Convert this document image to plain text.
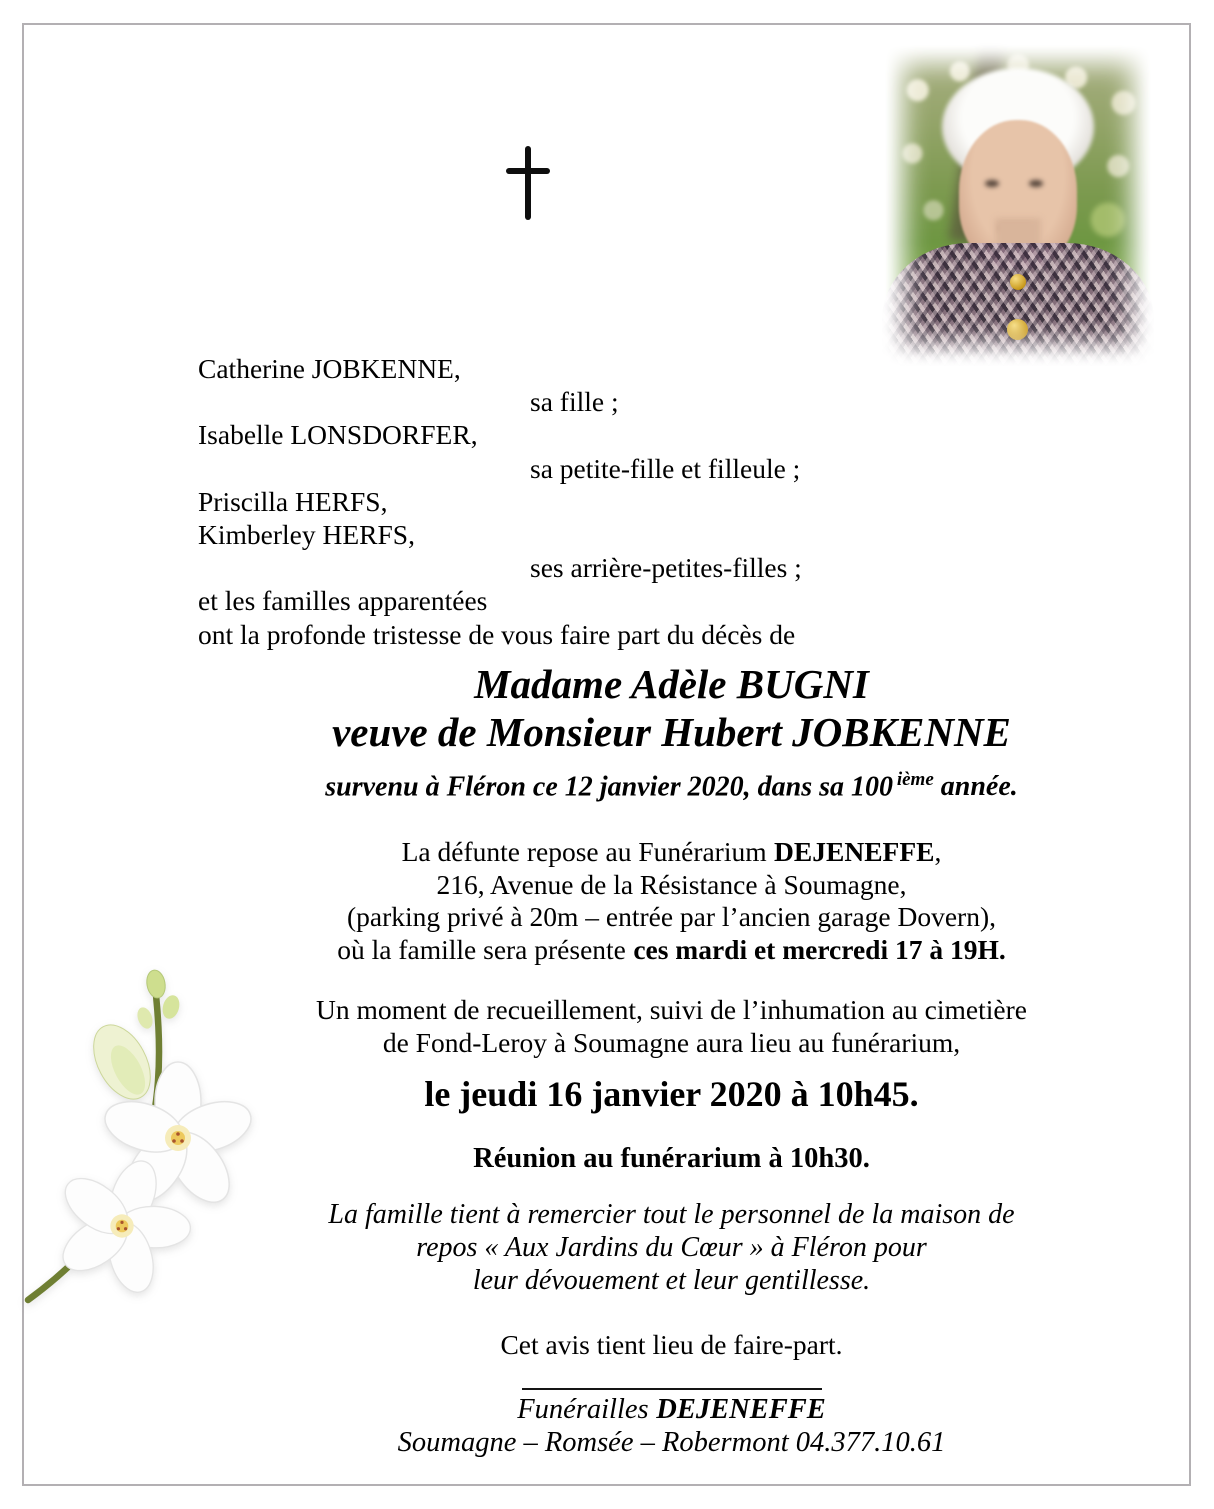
Catherine JOBKENNE,
sa fille ;
Isabelle LONSDORFER,
sa petite-fille et filleule ;
Priscilla HERFS,
Kimberley HERFS,
ses arrière-petites-filles ;
et les familles apparentées
ont la profonde tristesse de vous faire part du décès de
Madame Adèle BUGNI
veuve de Monsieur Hubert JOBKENNE
survenu à Fléron ce 12 janvier 2020, dans sa 100 $^{ième}$ année.
La défunte repose au Funérarium DEJENEFFE,
216, Avenue de la Résistance à Soumagne,
(parking privé à 20m – entrée par l’ancien garage Dovern),
où la famille sera présente ces mardi et mercredi 17 à 19H.
Un moment de recueillement, suivi de l’inhumation au cimetière
de Fond-Leroy à Soumagne aura lieu au funérarium,
le jeudi 16 janvier 2020 à 10h45.
Réunion au funérarium à 10h30.
La famille tient à remercier tout le personnel de la maison de
repos « Aux Jardins du Cœur » à Fléron pour
leur dévouement et leur gentillesse.
Cet avis tient lieu de faire-part.
Funérailles DEJENEFFE
Soumagne – Romsée – Robermont 04.377.10.61
